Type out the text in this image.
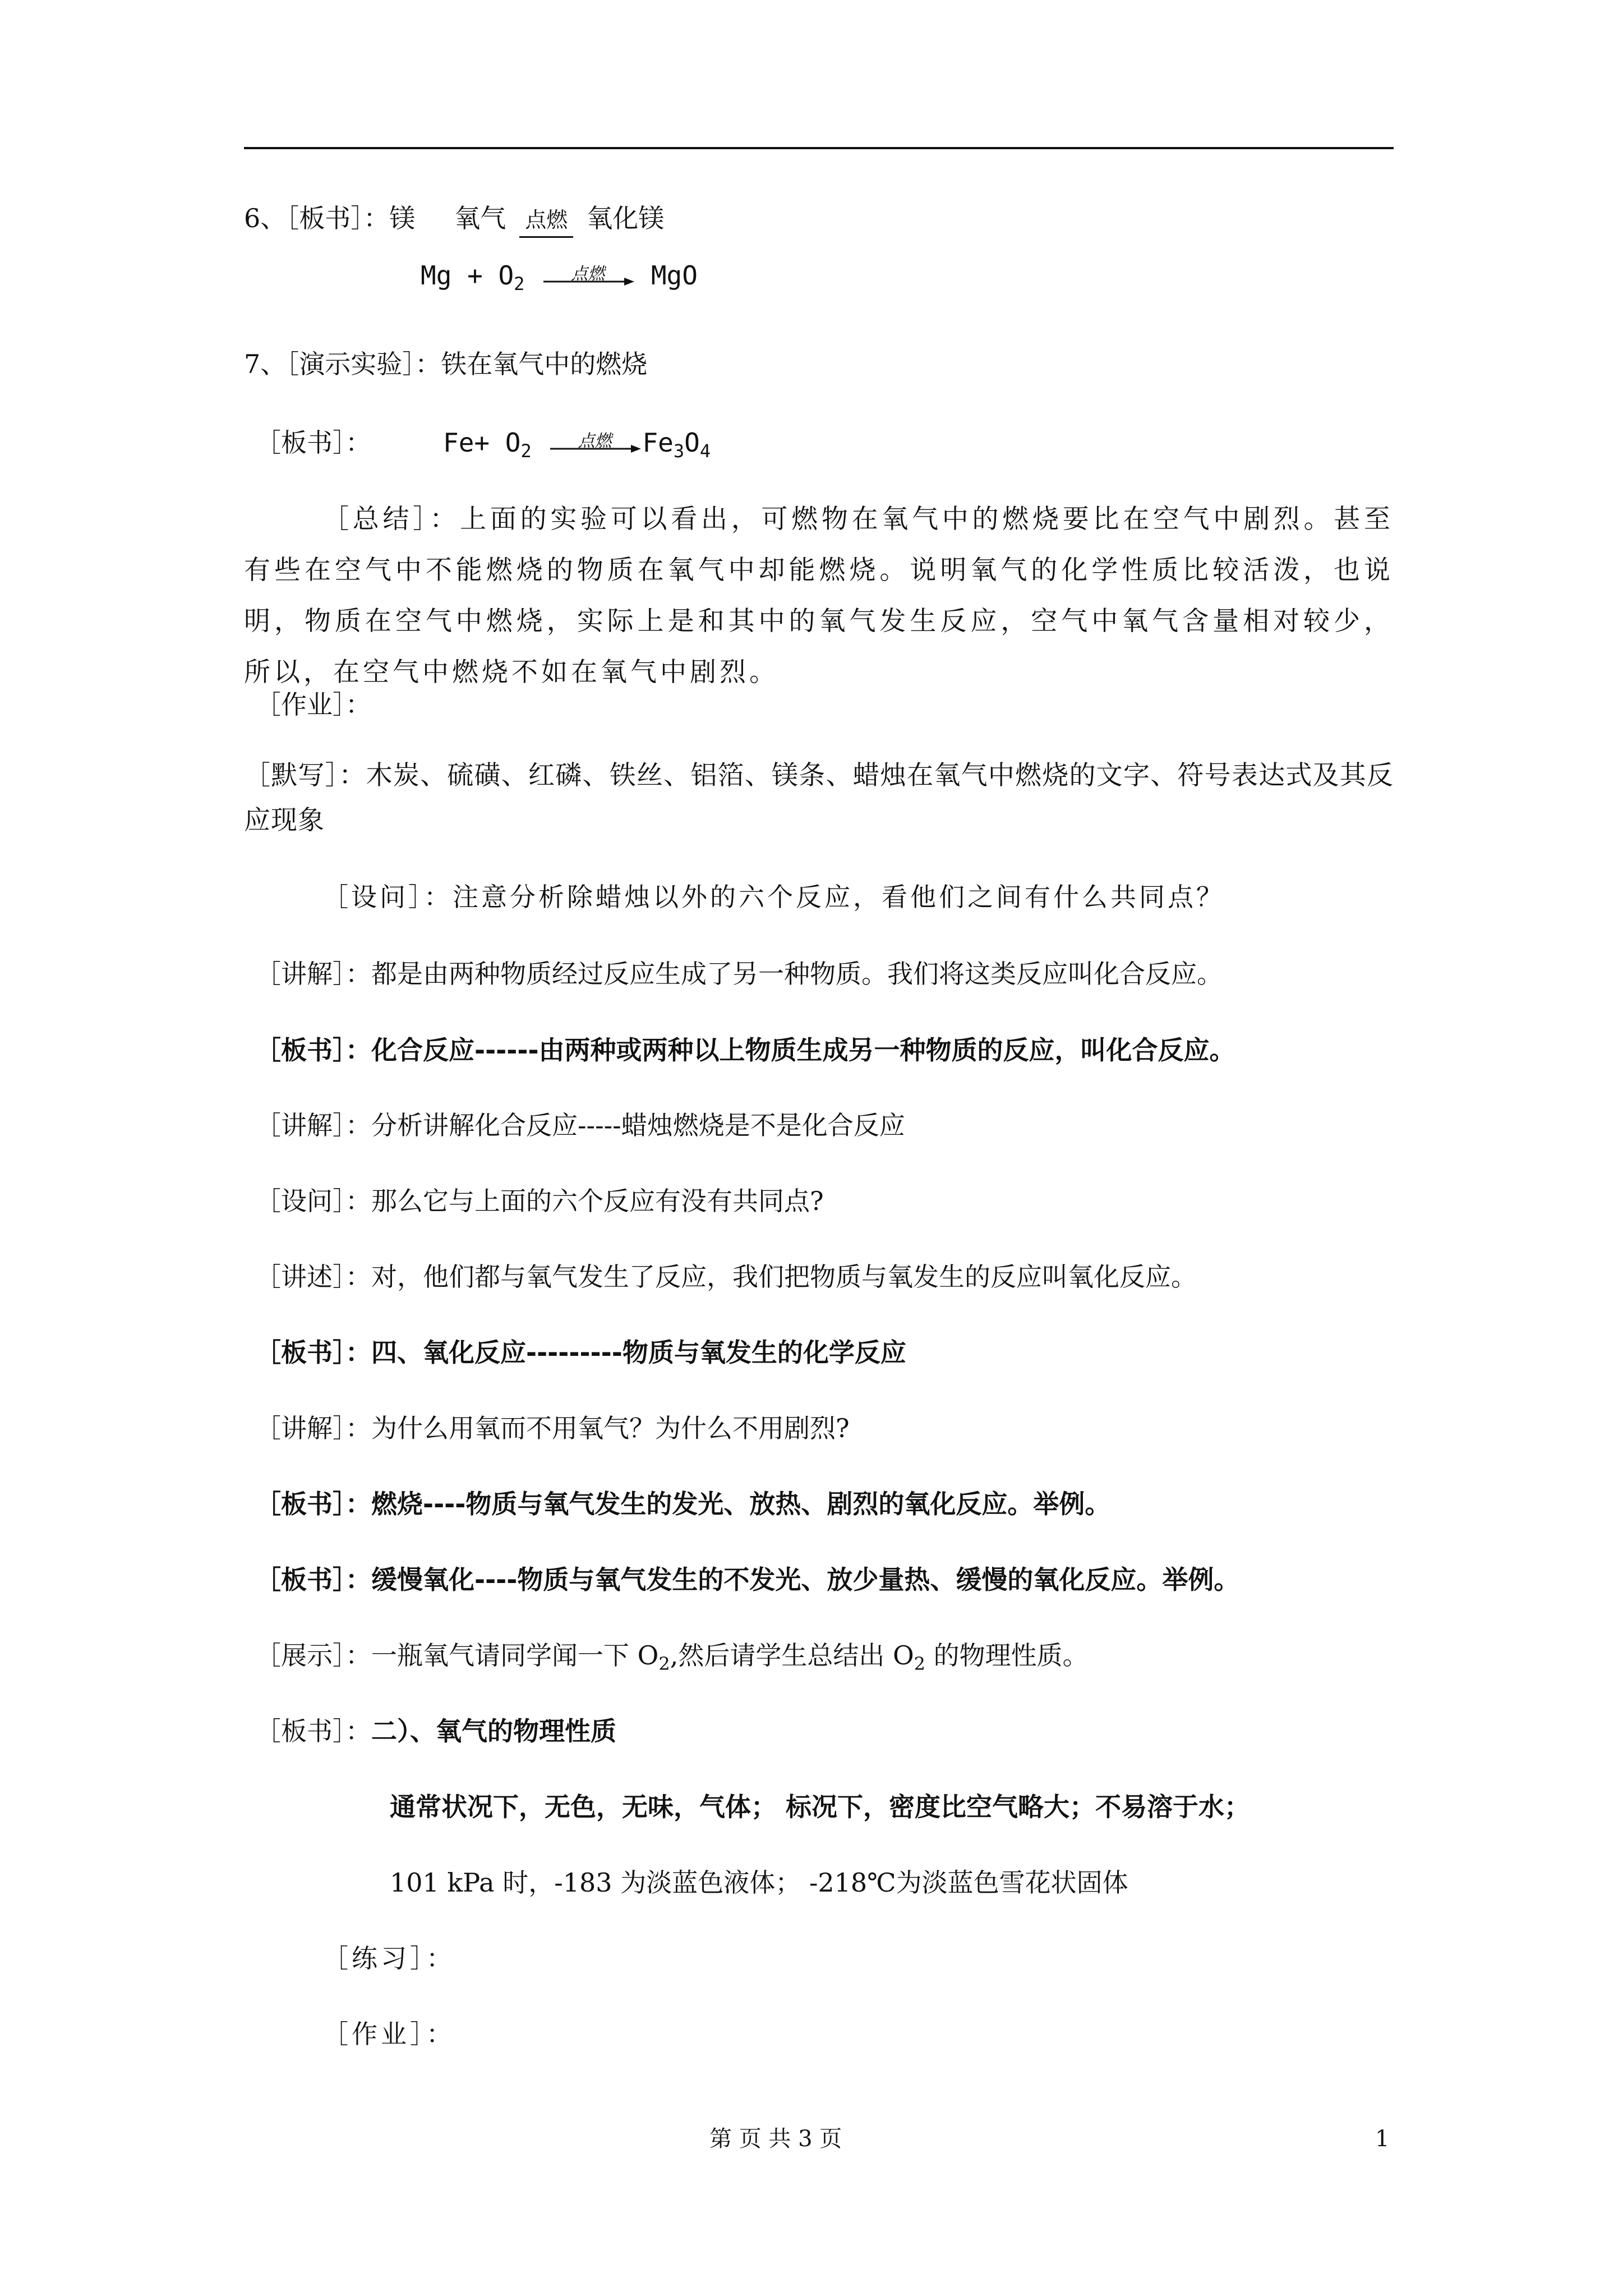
6、［板书］：镁 氧气 点燃 氧化镁
$Mg + O_2$	点燃	MgO
7、［演示实验］：铁在氧气中的燃烧
［板书］：	$Fe+ O_2$	点燃	$Fe_3O_4$
［总结］：上面的实验可以看出，可燃物在氧气中的燃烧要比在空气中剧烈。甚至有些在空气中不能燃烧的物质在氧气中却能燃烧。说明氧气的化学性质比较活泼，也说明，物质在空气中燃烧，实际上是和其中的氧气发生反应，空气中氧气含量相对较少，所以，在空气中燃烧不如在氧气中剧烈。
［作业］：
［默写］：木炭、硫磺、红磷、铁丝、铝箔、镁条、蜡烛在氧气中燃烧的文字、符号表达式及其反应现象
［设问］：注意分析除蜡烛以外的六个反应，看他们之间有什么共同点？
［讲解］：都是由两种物质经过反应生成了另一种物质。我们将这类反应叫化合反应。
［板书］：化合反应------由两种或两种以上物质生成另一种物质的反应，叫化合反应。
［讲解］：分析讲解化合反应-----蜡烛燃烧是不是化合反应
［设问］：那么它与上面的六个反应有没有共同点?
［讲述］：对，他们都与氧气发生了反应，我们把物质与氧发生的反应叫氧化反应。
［板书］：四、氧化反应---------物质与氧发生的化学反应
［讲解］：为什么用氧而不用氧气？为什么不用剧烈?
［板书］：燃烧----物质与氧气发生的发光、放热、剧烈的氧化反应。举例。
［板书］：缓慢氧化----物质与氧气发生的不发光、放少量热、缓慢的氧化反应。举例。
［展示］：一瓶氧气请同学闻一下 $O_2$,然后请学生总结出 $O_2$ 的物理性质。
［板书］：二）、氧气的物理性质
通常状况下，无色，无味，气体； 标况下，密度比空气略大；不易溶于水；
101 kPa 时，-183 为淡蓝色液体； -218℃为淡蓝色雪花状固体
［练习］：
［作业］：
第 页 共 3 页	1
